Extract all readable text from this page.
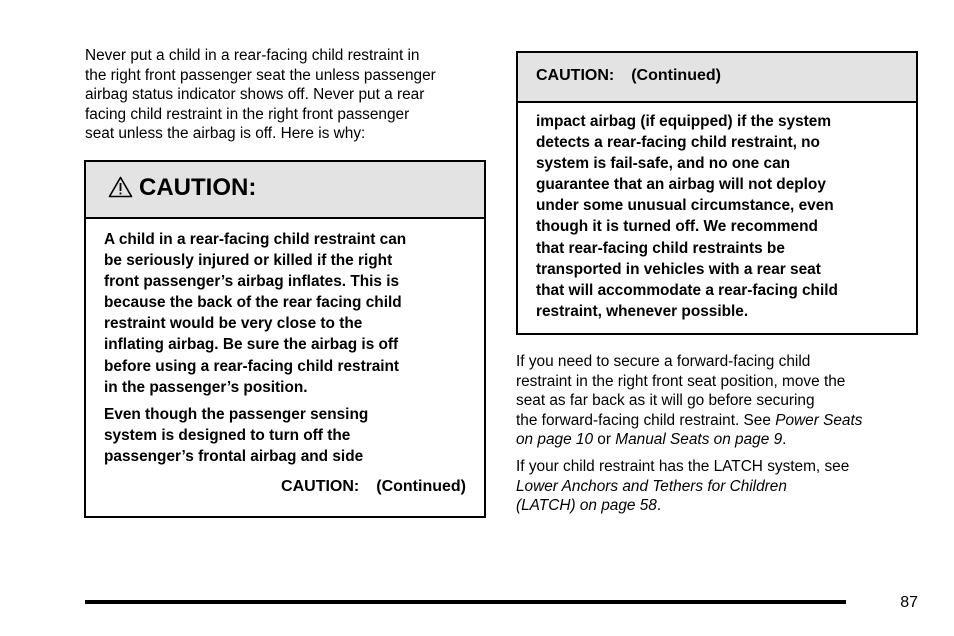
Never put a child in a rear-facing child restraint in
the right front passenger seat the unless passenger
airbag status indicator shows off. Never put a rear
facing child restraint in the right front passenger
seat unless the airbag is off. Here is why:
CAUTION:
A child in a rear-facing child restraint can
be seriously injured or killed if the right
front passenger’s airbag inflates. This is
because the back of the rear facing child
restraint would be very close to the
inflating airbag. Be sure the airbag is off
before using a rear-facing child restraint
in the passenger’s position.
Even though the passenger sensing
system is designed to turn off the
passenger’s frontal airbag and side
CAUTION: (Continued)
CAUTION: (Continued)
impact airbag (if equipped) if the system
detects a rear-facing child restraint, no
system is fail-safe, and no one can
guarantee that an airbag will not deploy
under some unusual circumstance, even
though it is turned off. We recommend
that rear-facing child restraints be
transported in vehicles with a rear seat
that will accommodate a rear-facing child
restraint, whenever possible.
If you need to secure a forward-facing child
restraint in the right front seat position, move the
seat as far back as it will go before securing
the forward-facing child restraint. See Power Seats
on page 10 or Manual Seats on page 9.
If your child restraint has the LATCH system, see
Lower Anchors and Tethers for Children
(LATCH) on page 58.
87
